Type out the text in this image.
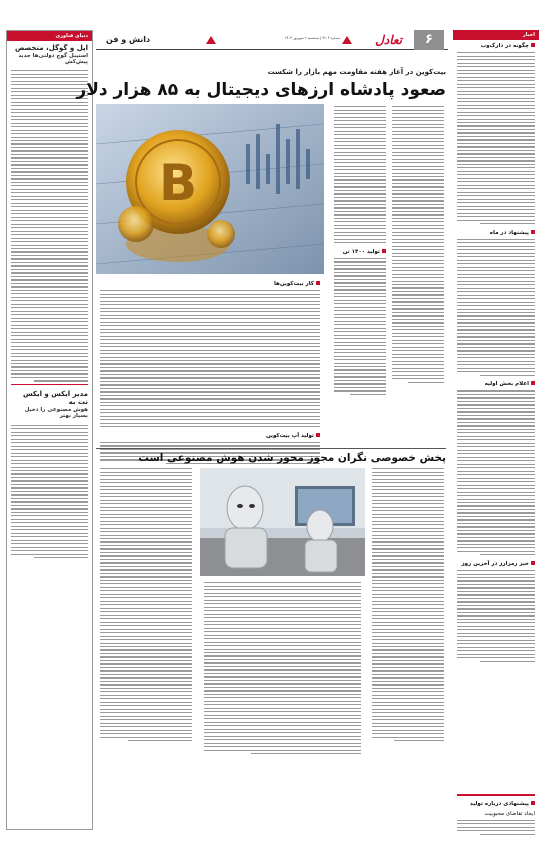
۶
تعادل
شماره ۳۲۰۳ | سه‌شنبه ۲ شهریور ۱۴۰۳
دانش و فن
دنیای فناوری
اپل و گوگل، متخصص
استیبل گوچ دولتی‌ها جدید پیش‌کش
مدیر ایکس و ایکس نت به
هوش مصنوعی را دخیل بسیار بهتر
اخبار
چگونه در دارک‌وب
پیشنهاد در ماه
اعلام بخش اولیه
خبر رمزارز در آخرین روز
پیشنهادی درباره تولید
ایجاد تقاضای محبوبیت
بیت‌کوین در آغاز هفته مقاومت مهم بازار را شکست
صعود پادشاه ارزهای دیجیتال به ۸۵ هزار دلار
B
تولید ۱۴۰۰ تن
کار بیت‌کوین‌ها
تولید آپ بیت‌کوین
پخش خصوصی نگران مجوز محور شدن هوش مصنوعی است
